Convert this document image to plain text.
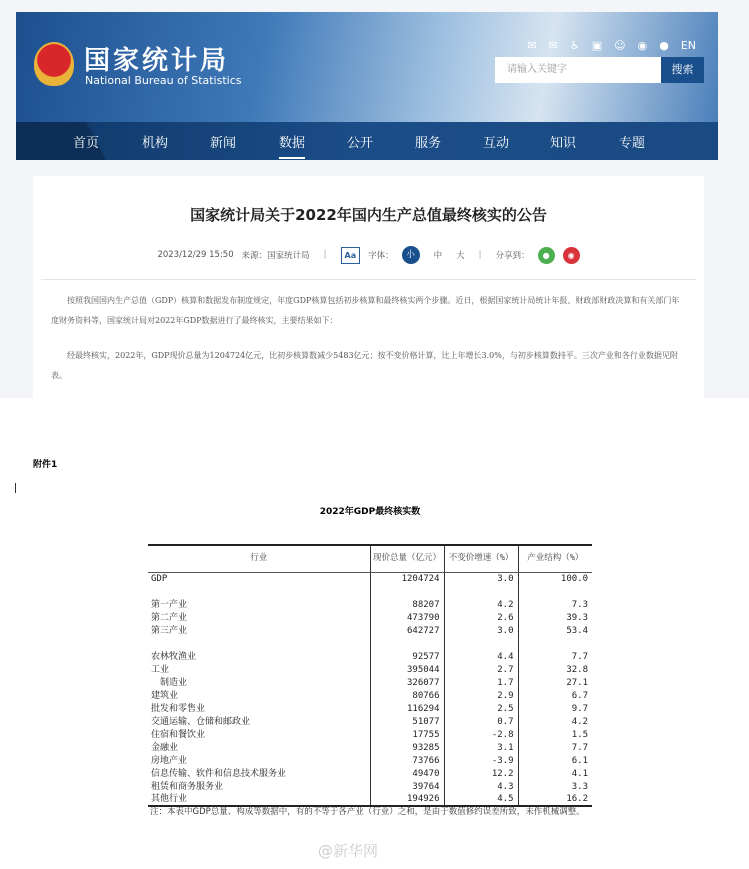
国家统计局
National Bureau of Statistics
✉ ✉ ♿ ▣ ☺ ◉ ● EN
请输入关键字	搜索
首页	机构	新闻	数据	公开	服务	互动	知识	专题
国家统计局关于2022年国内生产总值最终核实的公告
2023/12/29 15:50 来源：国家统计局 |	Aa	字体：	小	中 大 | 分享到：	●	◉
按照我国国内生产总值（GDP）核算和数据发布制度规定，年度GDP核算包括初步核算和最终核实两个步骤。近日，根据国家统计局统计年报、财政部财政决算和有关部门年度财务资料等，国家统计局对2022年GDP数据进行了最终核实，主要结果如下：
经最终核实，2022年，GDP现价总量为1204724亿元，比初步核算数减少5483亿元；按不变价格计算，比上年增长3.0%，与初步核算数持平。三次产业和各行业数据见附表。
附件1
2022年GDP最终核实数
行业	现价总量（亿元）	不变价增速（%）	产业结构（%）
GDP	1204724	3.0	100.0

第一产业	88207	4.2	7.3
第二产业	473790	2.6	39.3
第三产业	642727	3.0	53.4

农林牧渔业	92577	4.4	7.7
工业	395044	2.7	32.8
　制造业	326077	1.7	27.1
建筑业	80766	2.9	6.7
批发和零售业	116294	2.5	9.7
交通运输、仓储和邮政业	51077	0.7	4.2
住宿和餐饮业	17755	-2.8	1.5
金融业	93285	3.1	7.7
房地产业	73766	-3.9	6.1
信息传输、软件和信息技术服务业	49470	12.2	4.1
租赁和商务服务业	39764	4.3	3.3
其他行业	194926	4.5	16.2
注：本表中GDP总量、构成等数据中，有的不等于各产业（行业）之和，是由于数值修约误差所致，未作机械调整。
@新华网
